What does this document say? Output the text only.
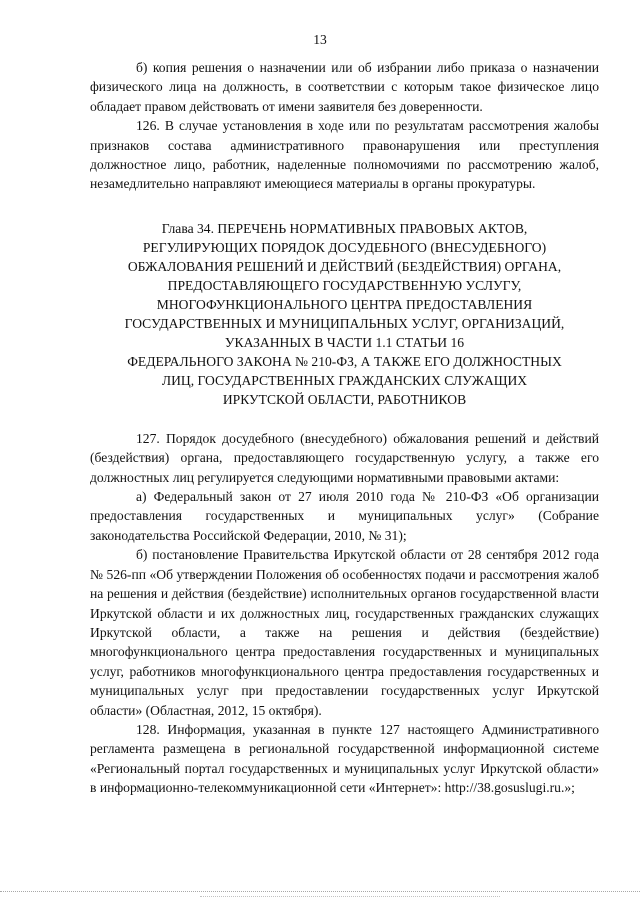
13

б) копия решения о назначении или об избрании либо приказа о назначении физического лица на должность, в соответствии с которым такое физическое лицо обладает правом действовать от имени заявителя без доверенности.

126. В случае установления в ходе или по результатам рассмотрения жалобы признаков состава административного правонарушения или преступления должностное лицо, работник, наделенные полномочиями по рассмотрению жалоб, незамедлительно направляют имеющиеся материалы в органы прокуратуры.

Глава 34. ПЕРЕЧЕНЬ НОРМАТИВНЫХ ПРАВОВЫХ АКТОВ,
РЕГУЛИРУЮЩИХ ПОРЯДОК ДОСУДЕБНОГО (ВНЕСУДЕБНОГО)
ОБЖАЛОВАНИЯ РЕШЕНИЙ И ДЕЙСТВИЙ (БЕЗДЕЙСТВИЯ) ОРГАНА,
ПРЕДОСТАВЛЯЮЩЕГО ГОСУДАРСТВЕННУЮ УСЛУГУ,
МНОГОФУНКЦИОНАЛЬНОГО ЦЕНТРА ПРЕДОСТАВЛЕНИЯ
ГОСУДАРСТВЕННЫХ И МУНИЦИПАЛЬНЫХ УСЛУГ, ОРГАНИЗАЦИЙ,
УКАЗАННЫХ В ЧАСТИ 1.1 СТАТЬИ 16
ФЕДЕРАЛЬНОГО ЗАКОНА № 210-ФЗ, А ТАКЖЕ ЕГО ДОЛЖНОСТНЫХ
ЛИЦ, ГОСУДАРСТВЕННЫХ ГРАЖДАНСКИХ СЛУЖАЩИХ
ИРКУТСКОЙ ОБЛАСТИ, РАБОТНИКОВ

127. Порядок досудебного (внесудебного) обжалования решений и действий (бездействия) органа, предоставляющего государственную услугу, а также его должностных лиц регулируется следующими нормативными правовыми актами:

а) Федеральный закон от 27 июля 2010 года № 210-ФЗ «Об организации предоставления государственных и муниципальных услуг» (Собрание законодательства Российской Федерации, 2010, № 31);

б) постановление Правительства Иркутской области от 28 сентября 2012 года № 526-пп «Об утверждении Положения об особенностях подачи и рассмотрения жалоб на решения и действия (бездействие) исполнительных органов государственной власти Иркутской области и их должностных лиц, государственных гражданских служащих Иркутской области, а также на решения и действия (бездействие) многофункционального центра предоставления государственных и муниципальных услуг, работников многофункционального центра предоставления государственных и муниципальных услуг при предоставлении государственных услуг Иркутской области» (Областная, 2012, 15 октября).

128. Информация, указанная в пункте 127 настоящего Административного регламента размещена в региональной государственной информационной системе «Региональный портал государственных и муниципальных услуг Иркутской области» в информационно-телекоммуникационной сети «Интернет»: http://38.gosuslugi.ru.»;
